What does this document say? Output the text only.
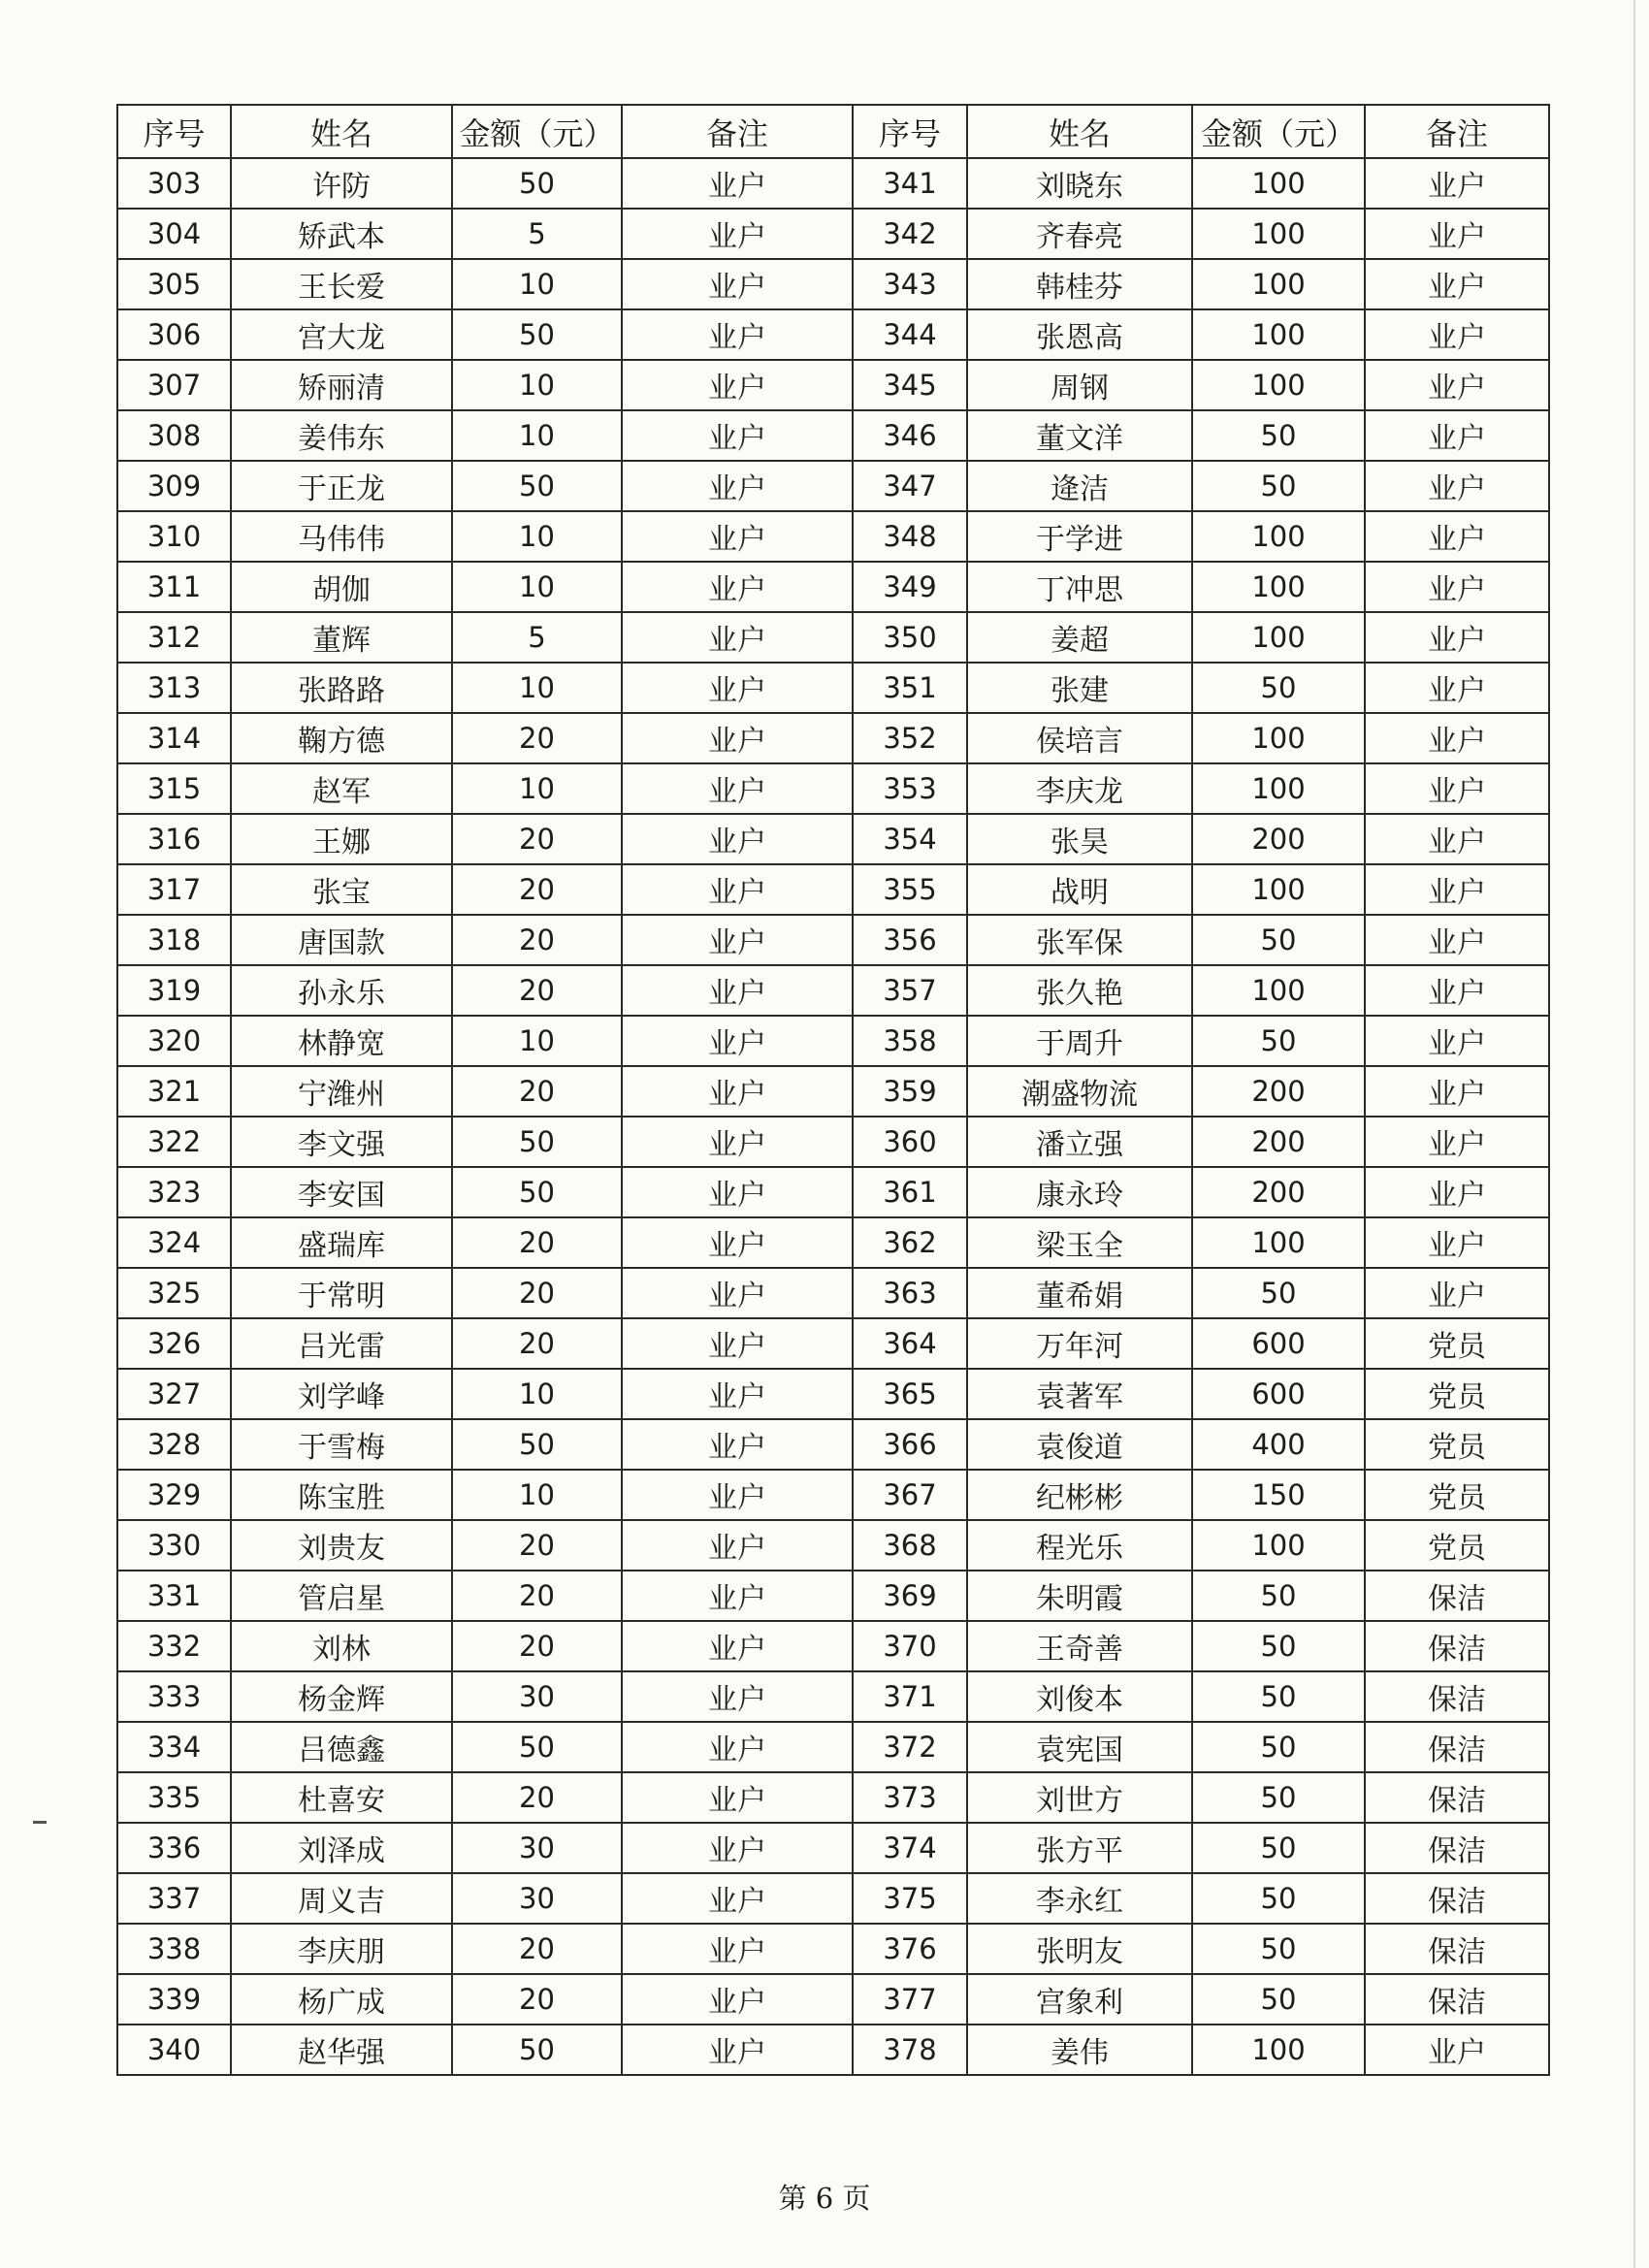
序号	姓名	金额（元）	备注	序号	姓名	金额（元）	备注
303	许防	50	业户	341	刘晓东	100	业户
304	矫武本	5	业户	342	齐春亮	100	业户
305	王长爱	10	业户	343	韩桂芬	100	业户
306	宫大龙	50	业户	344	张恩高	100	业户
307	矫丽清	10	业户	345	周钢	100	业户
308	姜伟东	10	业户	346	董文洋	50	业户
309	于正龙	50	业户	347	逄洁	50	业户
310	马伟伟	10	业户	348	于学进	100	业户
311	胡伽	10	业户	349	丁冲思	100	业户
312	董辉	5	业户	350	姜超	100	业户
313	张路路	10	业户	351	张建	50	业户
314	鞠方德	20	业户	352	侯培言	100	业户
315	赵军	10	业户	353	李庆龙	100	业户
316	王娜	20	业户	354	张昊	200	业户
317	张宝	20	业户	355	战明	100	业户
318	唐国款	20	业户	356	张军保	50	业户
319	孙永乐	20	业户	357	张久艳	100	业户
320	林静宽	10	业户	358	于周升	50	业户
321	宁潍州	20	业户	359	潮盛物流	200	业户
322	李文强	50	业户	360	潘立强	200	业户
323	李安国	50	业户	361	康永玲	200	业户
324	盛瑞库	20	业户	362	梁玉全	100	业户
325	于常明	20	业户	363	董希娟	50	业户
326	吕光雷	20	业户	364	万年河	600	党员
327	刘学峰	10	业户	365	袁著军	600	党员
328	于雪梅	50	业户	366	袁俊道	400	党员
329	陈宝胜	10	业户	367	纪彬彬	150	党员
330	刘贵友	20	业户	368	程光乐	100	党员
331	管启星	20	业户	369	朱明霞	50	保洁
332	刘林	20	业户	370	王奇善	50	保洁
333	杨金辉	30	业户	371	刘俊本	50	保洁
334	吕德鑫	50	业户	372	袁宪国	50	保洁
335	杜喜安	20	业户	373	刘世方	50	保洁
336	刘泽成	30	业户	374	张方平	50	保洁
337	周义吉	30	业户	375	李永红	50	保洁
338	李庆朋	20	业户	376	张明友	50	保洁
339	杨广成	20	业户	377	宫象利	50	保洁
340	赵华强	50	业户	378	姜伟	100	业户
第 6 页
